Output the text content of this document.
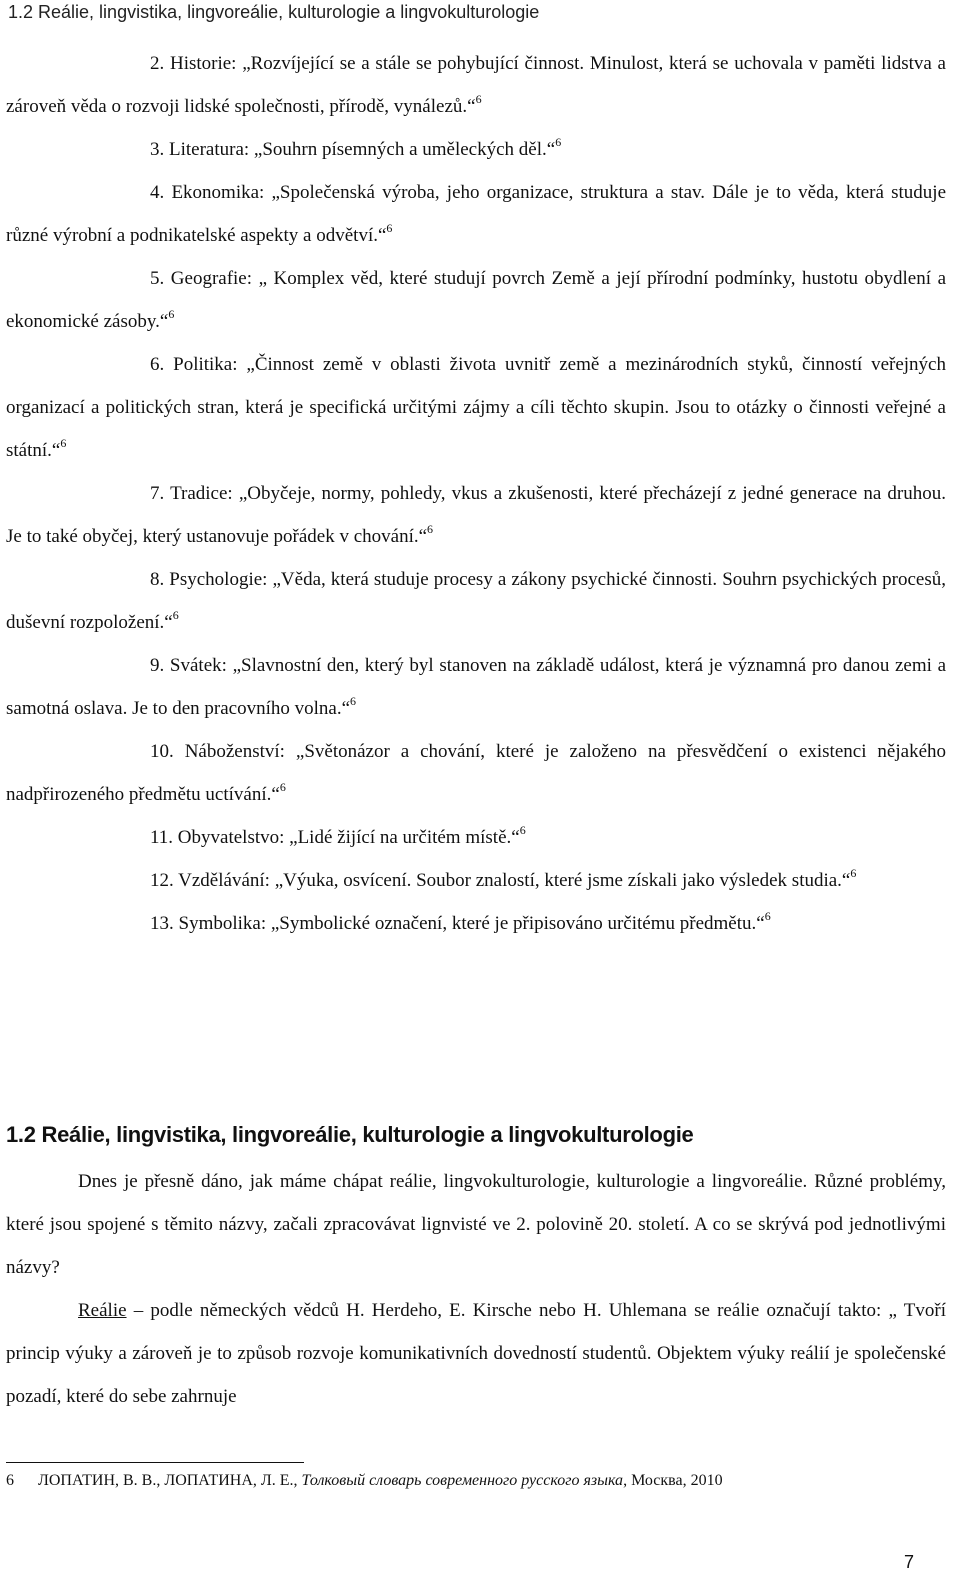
1.2 Reálie, lingvistika, lingvoreálie, kulturologie a lingvokulturologie

2. Historie: „Rozvíjející se a stále se pohybující činnost. Minulost, která se uchovala v paměti lidstva a zároveň věda o rozvoji lidské společnosti, přírodě, vynálezů.“$^6$

3. Literatura: „Souhrn písemných a uměleckých děl.“$^6$

4. Ekonomika: „Společenská výroba, jeho organizace, struktura a stav. Dále je to věda, která studuje různé výrobní a podnikatelské aspekty a odvětví.“$^6$

5. Geografie: „ Komplex věd, které studují povrch Země a její přírodní podmínky, hustotu obydlení a ekonomické zásoby.“$^6$

6. Politika: „Činnost země v oblasti života uvnitř země a mezinárodních styků, činností veřejných organizací a politických stran, která je specifická určitými zájmy a cíli těchto skupin. Jsou to otázky o činnosti veřejné a státní.“$^6$

7. Tradice: „Obyčeje, normy, pohledy, vkus a zkušenosti, které přecházejí z jedné generace na druhou. Je to také obyčej, který ustanovuje pořádek v chování.“$^6$

8. Psychologie: „Věda, která studuje procesy a zákony psychické činnosti. Souhrn psychických procesů, duševní rozpoložení.“$^6$

9. Svátek: „Slavnostní den, který byl stanoven na základě událost, která je významná pro danou zemi a samotná oslava. Je to den pracovního volna.“$^6$

10. Náboženství: „Světonázor a chování, které je založeno na přesvědčení o existenci nějakého nadpřirozeného předmětu uctívání.“$^6$

11. Obyvatelstvo: „Lidé žijící na určitém místě.“$^6$

12. Vzdělávání: „Výuka, osvícení. Soubor znalostí, které jsme získali jako výsledek studia.“$^6$

13. Symbolika: „Symbolické označení, které je připisováno určitému předmětu.“$^6$

1.2 Reálie, lingvistika, lingvoreálie, kulturologie a lingvokulturologie

Dnes je přesně dáno, jak máme chápat reálie, lingvokulturologie, kulturologie a lingvoreálie. Různé problémy, které jsou spojené s těmito názvy, začali zpracovávat lignvisté ve 2. polovině 20. století. A co se skrývá pod jednotlivými názvy?

Reálie – podle německých vědců H. Herdeho, E. Kirsche nebo H. Uhlemana se reálie označují takto: „ Tvoří princip výuky a zároveň je to způsob rozvoje komunikativních dovedností studentů. Objektem výuky reálií je společenské pozadí, které do sebe zahrnuje

6 ЛОПАТИН, В. В., ЛОПАТИНА, Л. Е., Толковый словарь современного русского языка, Москва, 2010
7
